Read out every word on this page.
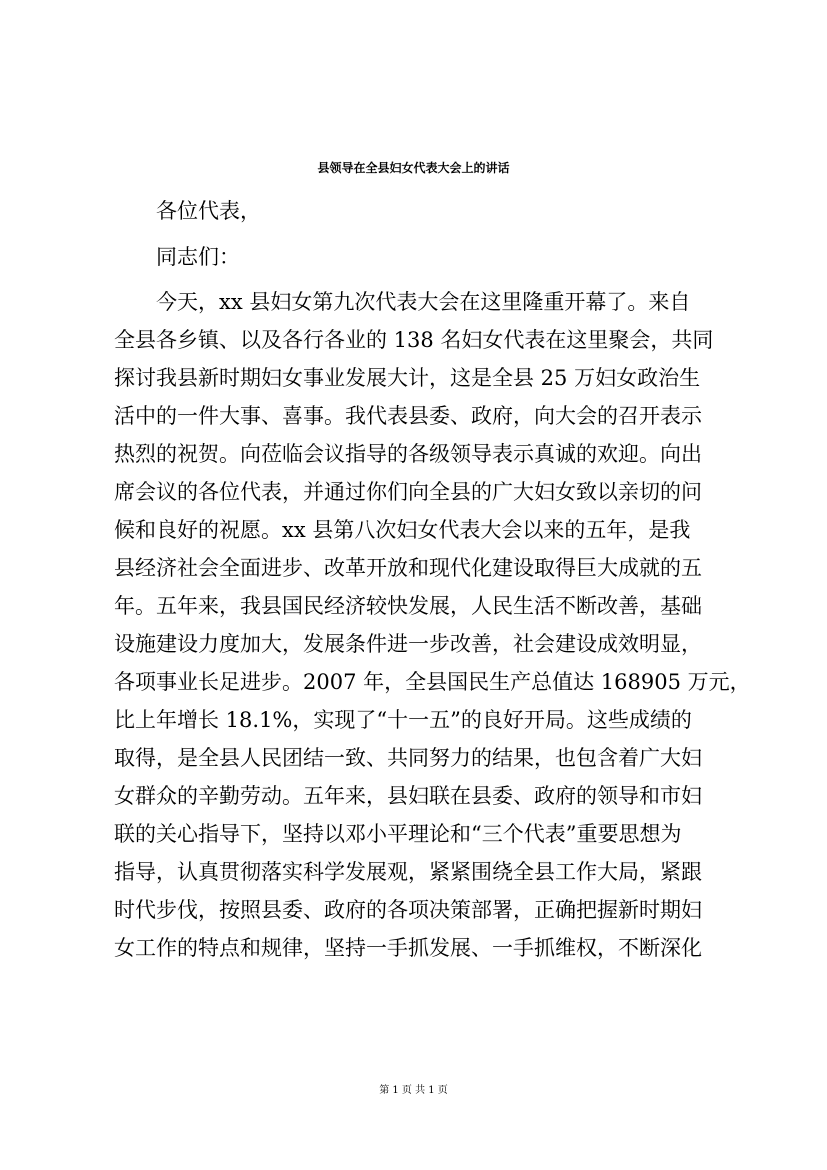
县领导在全县妇女代表大会上的讲话
各位代表，
同志们：
今天，xx 县妇女第九次代表大会在这里隆重开幕了。来自
全县各乡镇、以及各行各业的 138 名妇女代表在这里聚会，共同
探讨我县新时期妇女事业发展大计，这是全县 25 万妇女政治生
活中的一件大事、喜事。我代表县委、政府，向大会的召开表示
热烈的祝贺。向莅临会议指导的各级领导表示真诚的欢迎。向出
席会议的各位代表，并通过你们向全县的广大妇女致以亲切的问
候和良好的祝愿。xx 县第八次妇女代表大会以来的五年，是我
县经济社会全面进步、改革开放和现代化建设取得巨大成就的五
年。五年来，我县国民经济较快发展，人民生活不断改善，基础
设施建设力度加大，发展条件进一步改善，社会建设成效明显，
各项事业长足进步。2007 年，全县国民生产总值达 168905 万元，
比上年增长 18.1%，实现了“十一五”的良好开局。这些成绩的
取得，是全县人民团结一致、共同努力的结果，也包含着广大妇
女群众的辛勤劳动。五年来，县妇联在县委、政府的领导和市妇
联的关心指导下，坚持以邓小平理论和“三个代表”重要思想为
指导，认真贯彻落实科学发展观，紧紧围绕全县工作大局，紧跟
时代步伐，按照县委、政府的各项决策部署，正确把握新时期妇
女工作的特点和规律，坚持一手抓发展、一手抓维权，不断深化
第 1 页 共 1 页
